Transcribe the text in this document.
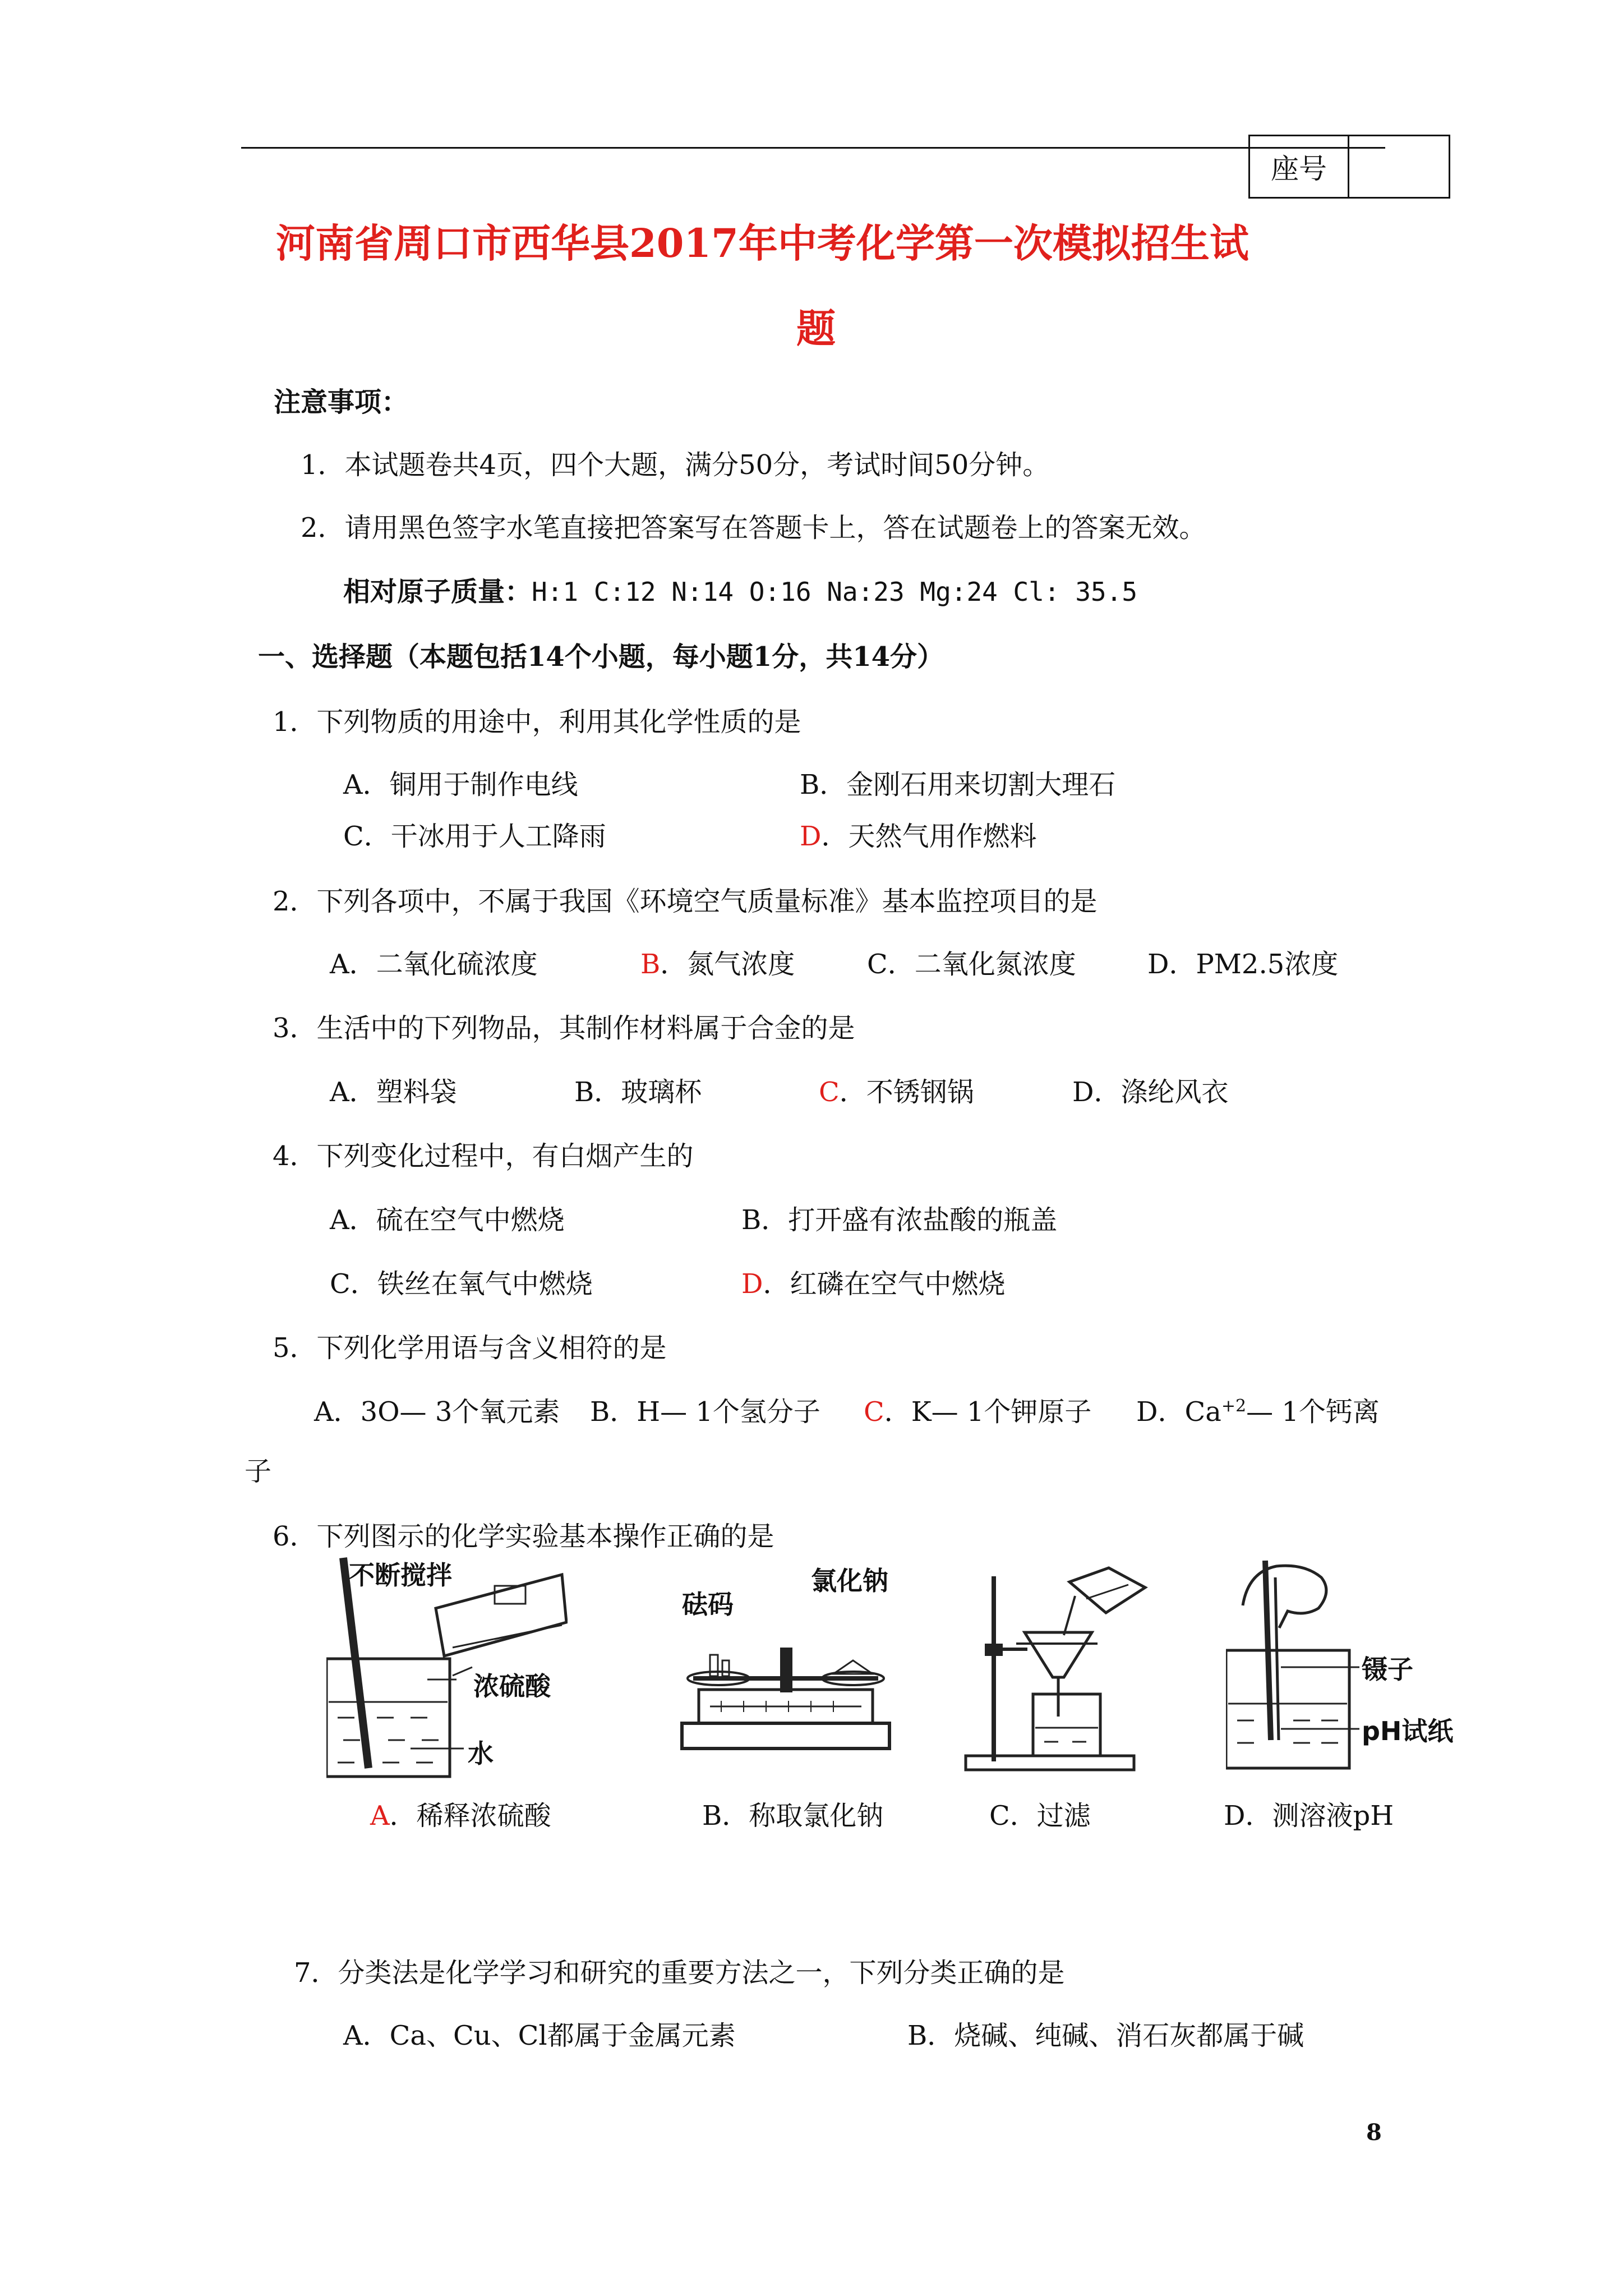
座号
河南省周口市西华县2017年中考化学第一次模拟招生试
题
注意事项：
1．本试题卷共4页，四个大题，满分50分，考试时间50分钟。
2．请用黑色签字水笔直接把答案写在答题卡上，答在试题卷上的答案无效。
相对原子质量：H:1 C:12 N:14 O:16 Na:23 Mg:24 Cl: 35.5
一、选择题（本题包括14个小题，每小题1分，共14分）
1．下列物质的用途中，利用其化学性质的是
A．铜用于制作电线	B．金刚石用来切割大理石
C．干冰用于人工降雨	D．天然气用作燃料
2．下列各项中，不属于我国《环境空气质量标准》基本监控项目的是
A．二氧化硫浓度	B．氮气浓度	C．二氧化氮浓度	D．PM2.5浓度
3．生活中的下列物品，其制作材料属于合金的是
A．塑料袋	B．玻璃杯	C．不锈钢锅	D．涤纶风衣
4．下列变化过程中，有白烟产生的
A．硫在空气中燃烧	B．打开盛有浓盐酸的瓶盖
C．铁丝在氧气中燃烧	D．红磷在空气中燃烧
5．下列化学用语与含义相符的是
A．3O— 3个氧元素 B．H— 1个氢分子 C．K— 1个钾原子 D．$Ca^{+2}—$ 1个钙离
子
6．下列图示的化学实验基本操作正确的是
不断搅拌
浓硫酸
水
砝码
氯化钠
镊子
pH试纸
A．稀释浓硫酸	B．称取氯化钠	C．过滤	D．测溶液pH
7．分类法是化学学习和研究的重要方法之一，下列分类正确的是
A．Ca、Cu、Cl都属于金属元素	B．烧碱、纯碱、消石灰都属于碱
8
